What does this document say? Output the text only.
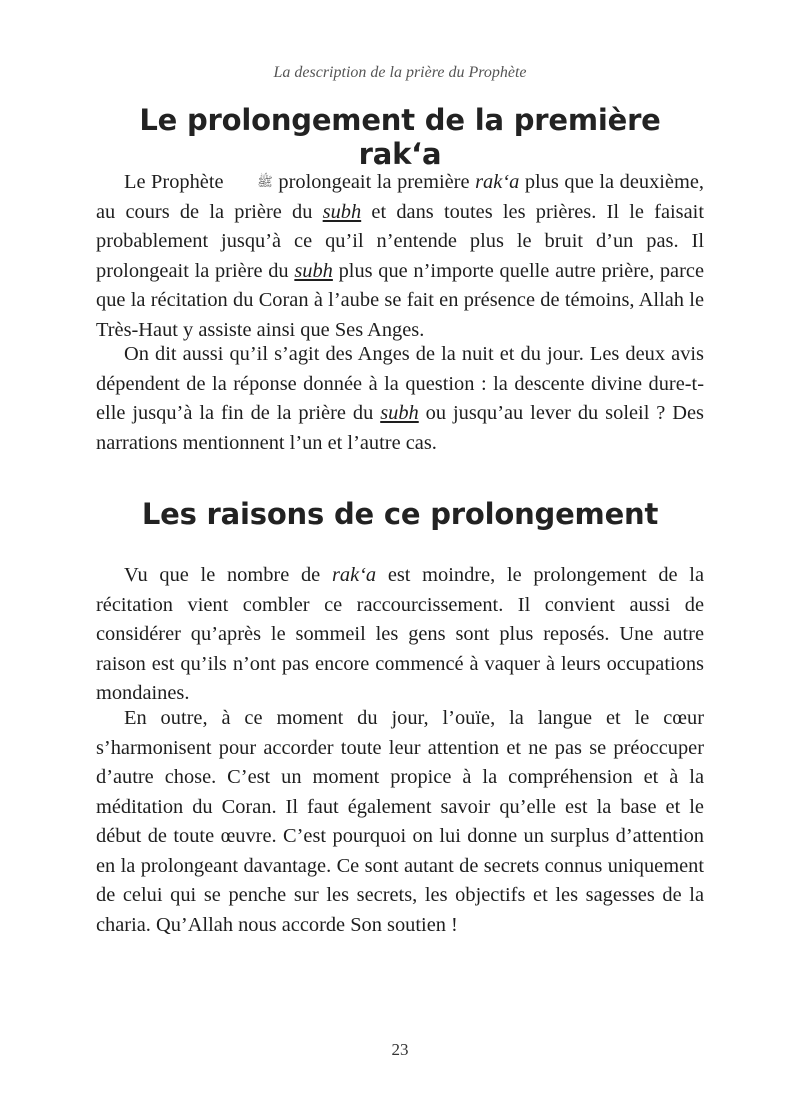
La description de la prière du Prophète

Le prolongement de la première rak‘a

Le Prophète	ﷺ prolongeait la première rak‘a plus que la deuxième, au cours de la prière du subh et dans toutes les prières. Il le faisait probablement jusqu’à ce qu’il n’entende plus le bruit d’un pas. Il prolongeait la prière du subh plus que n’importe quelle autre prière, parce que la récitation du Coran à l’aube se fait en présence de témoins, Allah le Très-Haut y assiste ainsi que Ses Anges.

On dit aussi qu’il s’agit des Anges de la nuit et du jour. Les deux avis dépendent de la réponse donnée à la question : la descente divine dure-t-elle jusqu’à la fin de la prière du subh ou jusqu’au lever du soleil ? Des narrations mentionnent l’un et l’autre cas.

Les raisons de ce prolongement

Vu que le nombre de rak‘a est moindre, le prolongement de la récitation vient combler ce raccourcissement. Il convient aussi de considérer qu’après le sommeil les gens sont plus reposés. Une autre raison est qu’ils n’ont pas encore commencé à vaquer à leurs occupations mondaines.

En outre, à ce moment du jour, l’ouïe, la langue et le cœur s’harmonisent pour accorder toute leur attention et ne pas se préoccuper d’autre chose. C’est un moment propice à la compréhension et à la méditation du Coran. Il faut également savoir qu’elle est la base et le début de toute œuvre. C’est pourquoi on lui donne un surplus d’attention en la prolongeant davantage. Ce sont autant de secrets connus uniquement de celui qui se penche sur les secrets, les objectifs et les sagesses de la charia. Qu’Allah nous accorde Son soutien !

23
